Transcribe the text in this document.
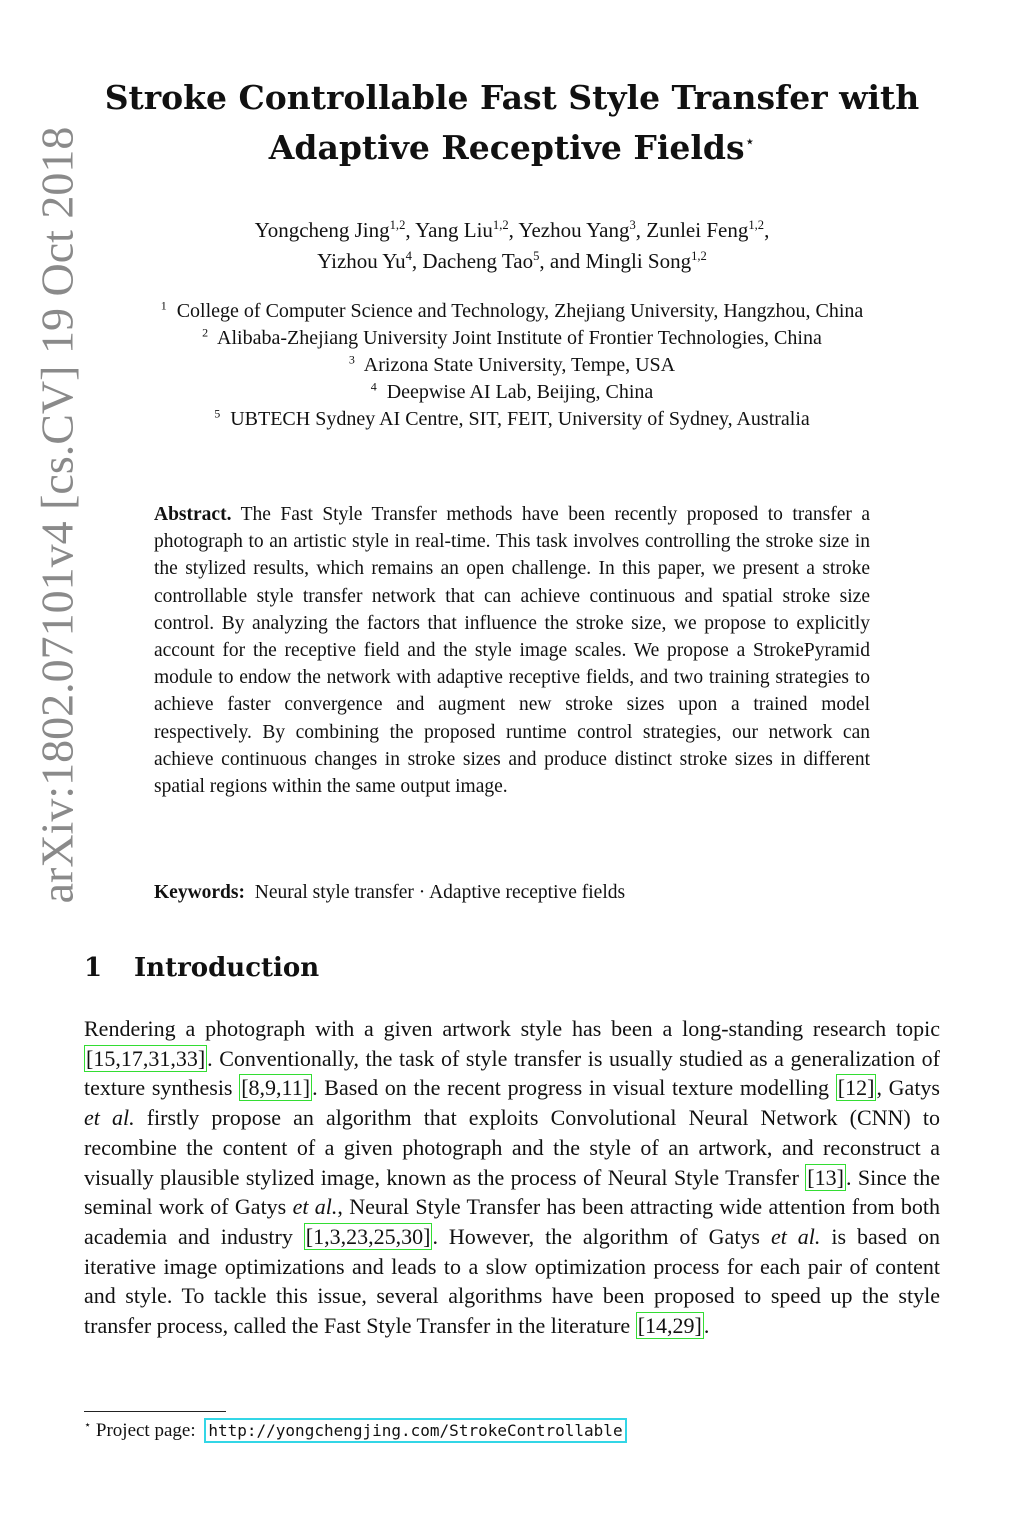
arXiv:1802.07101v4 [cs.CV] 19 Oct 2018
Stroke Controllable Fast Style Transfer with
Adaptive Receptive Fields⋆
Yongcheng Jing$^{1,2}$, Yang Liu$^{1,2}$, Yezhou Yang$^3$, Zunlei Feng$^{1,2}$,
Yizhou Yu$^4$, Dacheng Tao$^5$, and Mingli Song$^{1,2}$
$^1$ College of Computer Science and Technology, Zhejiang University, Hangzhou, China
$^2$ Alibaba-Zhejiang University Joint Institute of Frontier Technologies, China
$^3$ Arizona State University, Tempe, USA
$^4$ Deepwise AI Lab, Beijing, China
$^5$ UBTECH Sydney AI Centre, SIT, FEIT, University of Sydney, Australia
Abstract. The Fast Style Transfer methods have been recently proposed to transfer a photograph to an artistic style in real-time. This task involves controlling the stroke size in the stylized results, which remains an open challenge. In this paper, we present a stroke controllable style transfer network that can achieve continuous and spatial stroke size control. By analyzing the factors that influence the stroke size, we propose to explicitly account for the receptive field and the style image scales. We propose a StrokePyramid module to endow the network with adaptive receptive fields, and two training strategies to achieve faster convergence and augment new stroke sizes upon a trained model respectively. By combining the proposed runtime control strategies, our network can achieve continuous changes in stroke sizes and produce distinct stroke sizes in different spatial regions within the same output image.
Keywords: Neural style transfer · Adaptive receptive fields
1 Introduction
Rendering a photograph with a given artwork style has been a long-standing research topic [15,17,31,33]. Conventionally, the task of style transfer is usually studied as a generalization of texture synthesis [8,9,11]. Based on the recent progress in visual texture modelling [12], Gatys et al. firstly propose an algorithm that exploits Convolutional Neural Network (CNN) to recombine the content of a given photograph and the style of an artwork, and reconstruct a visually plausible stylized image, known as the process of Neural Style Transfer [13]. Since the seminal work of Gatys et al., Neural Style Transfer has been attracting wide attention from both academia and industry [1,3,23,25,30]. However, the algorithm of Gatys et al. is based on iterative image optimizations and leads to a slow optimization process for each pair of content and style. To tackle this issue, several algorithms have been proposed to speed up the style transfer process, called the Fast Style Transfer in the literature [14,29].
⋆ Project page: http://yongchengjing.com/StrokeControllable
